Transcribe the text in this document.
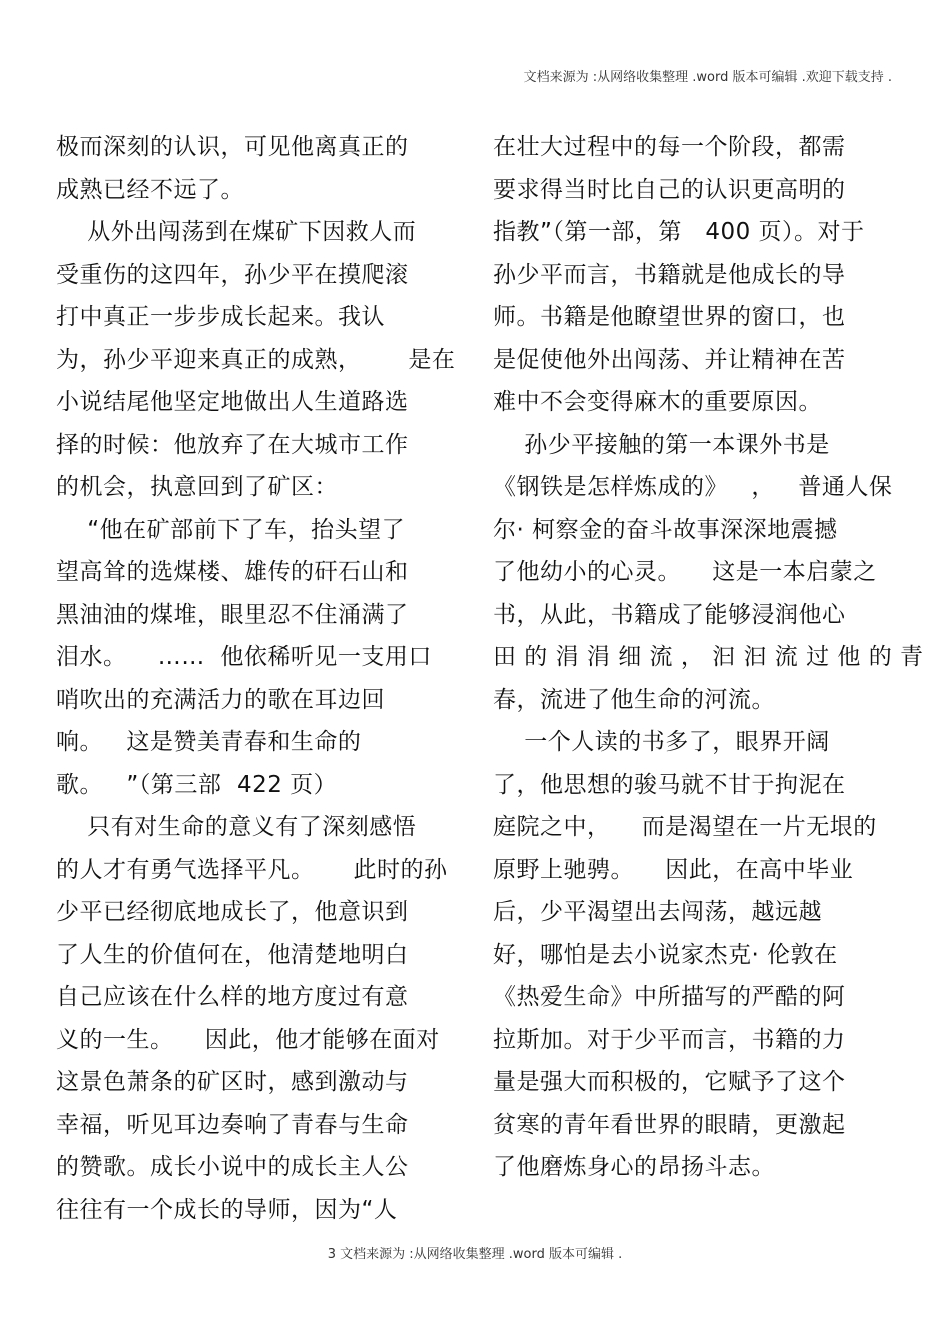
文档来源为 :从网络收集整理 .word 版本可编辑 .欢迎下载支持 .
极而深刻的认识，可见他离真正的
成熟已经不远了。
从外出闯荡到在煤矿下因救人而
受重伤的这四年，孙少平在摸爬滚
打中真正一步步成长起来。我认
为，孙少平迎来真正的成熟，      是在
小说结尾他坚定地做出人生道路选
择的时候：他放弃了在大城市工作
的机会，执意回到了矿区：
“他在矿部前下了车，抬头望了
望高耸的选煤楼、雄传的矸石山和
黑油油的煤堆，眼里忍不住涌满了
泪水。    ……  他依稀听见一支用口
哨吹出的充满活力的歌在耳边回
响。   这是赞美青春和生命的
歌。   ”（第三部  422 页）
只有对生命的意义有了深刻感悟
的人才有勇气选择平凡。     此时的孙
少平已经彻底地成长了，他意识到
了人生的价值何在，他清楚地明白
自己应该在什么样的地方度过有意
义的一生。    因此，他才能够在面对
这景色萧条的矿区时，感到激动与
幸福，听见耳边奏响了青春与生命
的赞歌。成长小说中的成长主人公
往往有一个成长的导师，因为“人
在壮大过程中的每一个阶段，都需
要求得当时比自己的认识更高明的
指教”（第一部，第   400 页）。对于
孙少平而言，书籍就是他成长的导
师。书籍是他瞭望世界的窗口，也
是促使他外出闯荡、并让精神在苦
难中不会变得麻木的重要原因。
孙少平接触的第一本课外书是
《钢铁是怎样炼成的》   ，   普通人保
尔· 柯察金的奋斗故事深深地震撼
了他幼小的心灵。    这是一本启蒙之
书，从此，书籍成了能够浸润他心
田 的 涓 涓 细 流 ， 汩 汩 流 过 他 的 青
春，流进了他生命的河流。
一个人读的书多了，眼界开阔
了，他思想的骏马就不甘于拘泥在
庭院之中，    而是渴望在一片无垠的
原野上驰骋。    因此，在高中毕业
后，少平渴望出去闯荡，越远越
好，哪怕是去小说家杰克· 伦敦在
《热爱生命》中所描写的严酷的阿
拉斯加。对于少平而言，书籍的力
量是强大而积极的，它赋予了这个
贫寒的青年看世界的眼睛，更激起
了他磨炼身心的昂扬斗志。
3 文档来源为 :从网络收集整理 .word 版本可编辑 .
